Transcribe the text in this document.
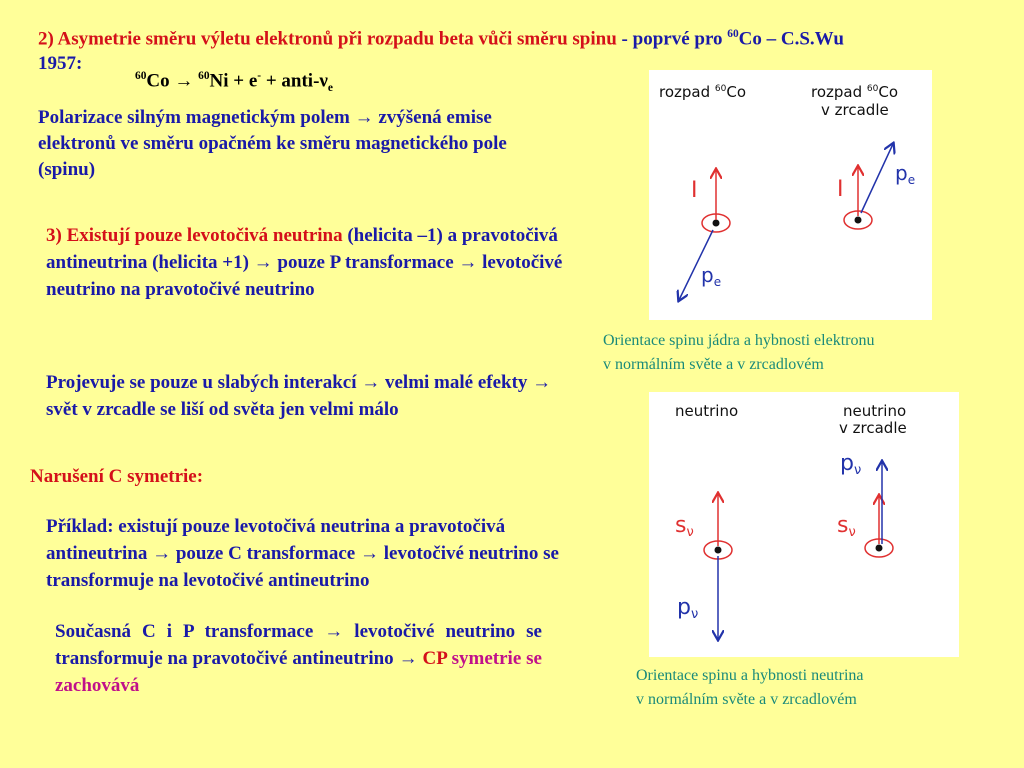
2) Asymetrie směru výletu elektronů při rozpadu beta vůči směru spinu - poprvé pro $^{60}$Co – C.S.Wu
1957:
$^{60}$Co → $^{60}$Ni + e- + anti-$\nu_e$

Polarizace silným magnetickým polem → zvýšená emise elektronů ve směru opačném ke směru magnetického pole (spinu)

3) Existují pouze levotočivá neutrina (helicita –1) a pravotočivá antineutrina (helicita +1) → pouze P transformace → levotočivé neutrino na pravotočivé neutrino

Projevuje se pouze u slabých interakcí → velmi malé efekty → svět v zrcadle se liší od světa jen velmi málo

Narušení C symetrie:

Příklad: existují pouze levotočivá neutrina a pravotočivá antineutrina → pouze C transformace → levotočivé neutrino se transformuje na levotočivé antineutrino

Současná C i P transformace → levotočivé neutrino se transformuje na pravotočivé antineutrino → CP symetrie se zachovává

rozpad $^{60}$Co	rozpad $^{60}$Co
v zrcadle
I
$p_e$
I
$p_e$

Orientace spinu jádra a hybnosti elektronu
v normálním světe a v zrcadlovém

neutrino	neutrino
v zrcadle
sν
pν
sν
pν

Orientace spinu a hybnosti neutrina
v normálním světe a v zrcadlovém
